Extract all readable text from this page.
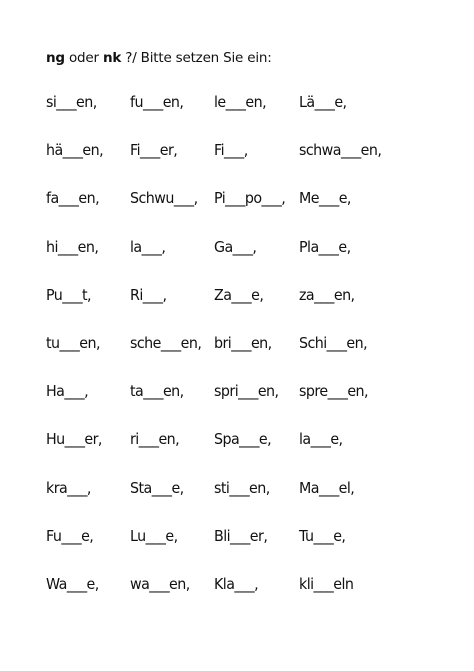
ng oder nk ?/ Bitte setzen Sie ein:
si___en, fu___en, le___en, Lä___e,
hä___en, Fi___er, Fi___,	schwa___en,
fa___en, Schwu___, Pi___po___, Me___e,
hi___en, la___,	Ga___,	Pla___e,
Pu___t,	Ri___,	Za___e, za___en,
tu___en, sche___en, bri___en, Schi___en,
Ha___,	ta___en, spri___en, spre___en,
Hu___er, ri___en, Spa___e, la___e,
kra___,	Sta___e, sti___en, Ma___el,
Fu___e, Lu___e, Bli___er, Tu___e,
Wa___e, wa___en, Kla___,	kli___eln
